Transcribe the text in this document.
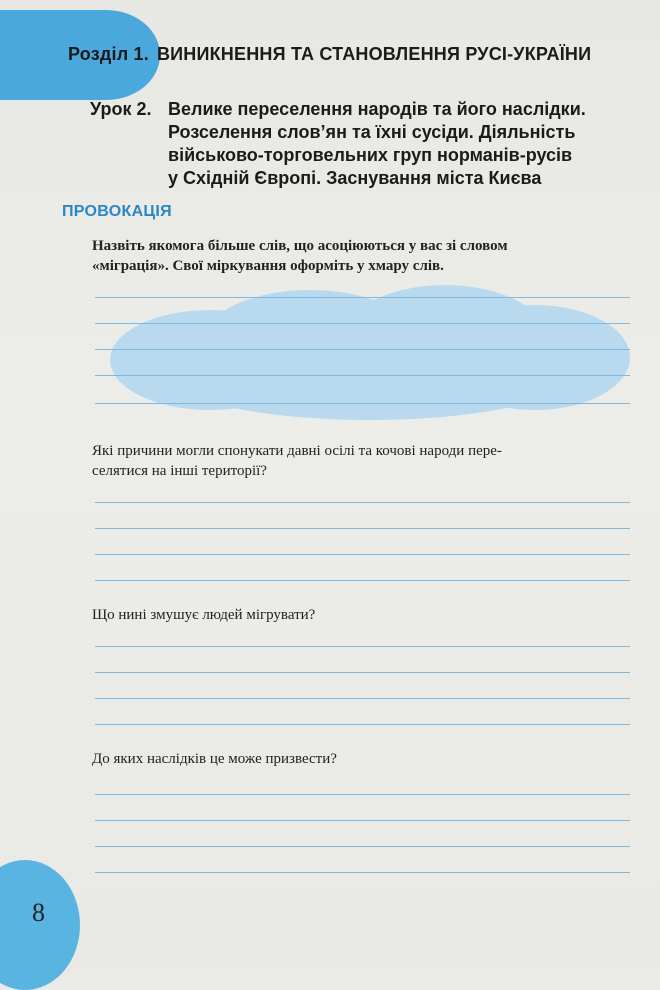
Розділ 1. ВИНИКНЕННЯ ТА СТАНОВЛЕННЯ РУСІ-УКРАЇНИ
Урок 2. Велике переселення народів та його наслідки.
Розселення слов’ян та їхні сусіди. Діяльність
військово-торговельних груп норманів-русів
у Східній Європі. Заснування міста Києва
ПРОВОКАЦІЯ
Назвіть якомога більше слів, що асоціюються у вас зі словом
«міграція». Свої міркування оформіть у хмару слів.
Які причини могли спонукати давні осілі та кочові народи пере-
селятися на інші території?
Що нині змушує людей мігрувати?
До яких наслідків це може призвести?
8
